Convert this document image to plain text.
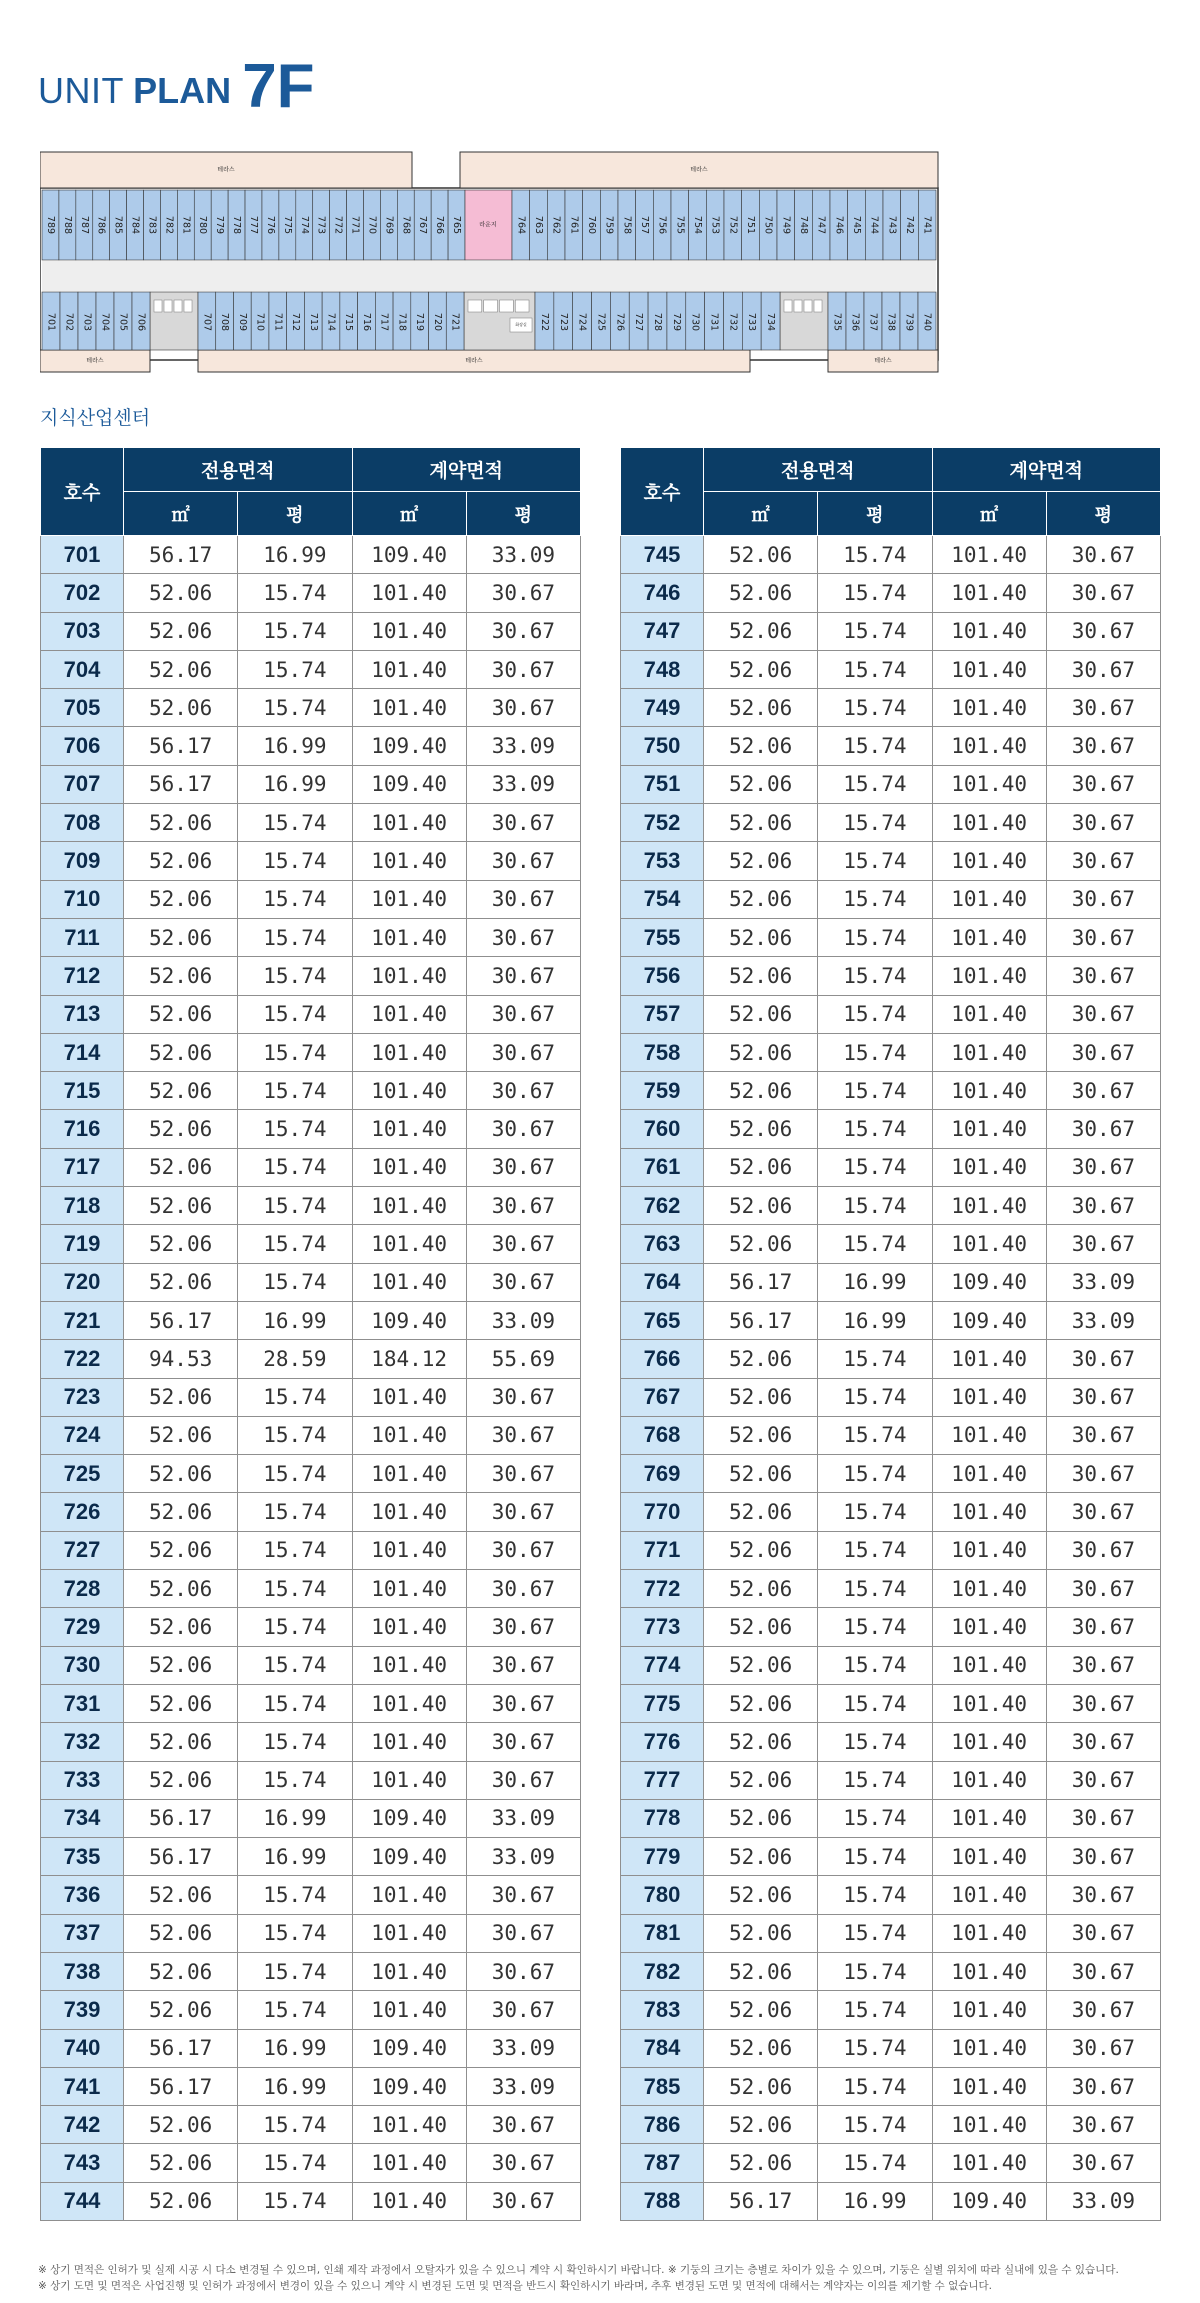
UNIT PLAN 7F
테라스	테라스
테라스	테라스	테라스
789 788 787 786 785 784 783 782 781 780 779 778 777 776 775 774 773 772 771 770 769 768 767 766 765	라운지 764 763 762 761 760 759 758 757 756 755 754 753 752 751 750 749 748 747 746 745 744 743 742 741
화장실
701 702 703 704 705 706	707 708 709 710 711 712 713 714 715 716 717 718 719 720 721	722 723 724 725 726 727 728 729 730 731 732 733 734	735 736 737 738 739 740
지식산업센터
호수	전용면적		계약면적	
	㎡	평	㎡	평
701	56.17	16.99	109.40	33.09
702	52.06	15.74	101.40	30.67
703	52.06	15.74	101.40	30.67
704	52.06	15.74	101.40	30.67
705	52.06	15.74	101.40	30.67
706	56.17	16.99	109.40	33.09
707	56.17	16.99	109.40	33.09
708	52.06	15.74	101.40	30.67
709	52.06	15.74	101.40	30.67
710	52.06	15.74	101.40	30.67
711	52.06	15.74	101.40	30.67
712	52.06	15.74	101.40	30.67
713	52.06	15.74	101.40	30.67
714	52.06	15.74	101.40	30.67
715	52.06	15.74	101.40	30.67
716	52.06	15.74	101.40	30.67
717	52.06	15.74	101.40	30.67
718	52.06	15.74	101.40	30.67
719	52.06	15.74	101.40	30.67
720	52.06	15.74	101.40	30.67
721	56.17	16.99	109.40	33.09
722	94.53	28.59	184.12	55.69
723	52.06	15.74	101.40	30.67
724	52.06	15.74	101.40	30.67
725	52.06	15.74	101.40	30.67
726	52.06	15.74	101.40	30.67
727	52.06	15.74	101.40	30.67
728	52.06	15.74	101.40	30.67
729	52.06	15.74	101.40	30.67
730	52.06	15.74	101.40	30.67
731	52.06	15.74	101.40	30.67
732	52.06	15.74	101.40	30.67
733	52.06	15.74	101.40	30.67
734	56.17	16.99	109.40	33.09
735	56.17	16.99	109.40	33.09
736	52.06	15.74	101.40	30.67
737	52.06	15.74	101.40	30.67
738	52.06	15.74	101.40	30.67
739	52.06	15.74	101.40	30.67
740	56.17	16.99	109.40	33.09
741	56.17	16.99	109.40	33.09
742	52.06	15.74	101.40	30.67
743	52.06	15.74	101.40	30.67
744	52.06	15.74	101.40	30.67
호수	전용면적		계약면적	
	㎡	평	㎡	평
745	52.06	15.74	101.40	30.67
746	52.06	15.74	101.40	30.67
747	52.06	15.74	101.40	30.67
748	52.06	15.74	101.40	30.67
749	52.06	15.74	101.40	30.67
750	52.06	15.74	101.40	30.67
751	52.06	15.74	101.40	30.67
752	52.06	15.74	101.40	30.67
753	52.06	15.74	101.40	30.67
754	52.06	15.74	101.40	30.67
755	52.06	15.74	101.40	30.67
756	52.06	15.74	101.40	30.67
757	52.06	15.74	101.40	30.67
758	52.06	15.74	101.40	30.67
759	52.06	15.74	101.40	30.67
760	52.06	15.74	101.40	30.67
761	52.06	15.74	101.40	30.67
762	52.06	15.74	101.40	30.67
763	52.06	15.74	101.40	30.67
764	56.17	16.99	109.40	33.09
765	56.17	16.99	109.40	33.09
766	52.06	15.74	101.40	30.67
767	52.06	15.74	101.40	30.67
768	52.06	15.74	101.40	30.67
769	52.06	15.74	101.40	30.67
770	52.06	15.74	101.40	30.67
771	52.06	15.74	101.40	30.67
772	52.06	15.74	101.40	30.67
773	52.06	15.74	101.40	30.67
774	52.06	15.74	101.40	30.67
775	52.06	15.74	101.40	30.67
776	52.06	15.74	101.40	30.67
777	52.06	15.74	101.40	30.67
778	52.06	15.74	101.40	30.67
779	52.06	15.74	101.40	30.67
780	52.06	15.74	101.40	30.67
781	52.06	15.74	101.40	30.67
782	52.06	15.74	101.40	30.67
783	52.06	15.74	101.40	30.67
784	52.06	15.74	101.40	30.67
785	52.06	15.74	101.40	30.67
786	52.06	15.74	101.40	30.67
787	52.06	15.74	101.40	30.67
788	56.17	16.99	109.40	33.09
※ 상기 면적은 인허가 및 실제 시공 시 다소 변경될 수 있으며, 인쇄 제작 과정에서 오탈자가 있을 수 있으니 계약 시 확인하시기 바랍니다. ※ 기둥의 크기는 층별로 차이가 있을 수 있으며, 기둥은 실별 위치에 따라 실내에 있을 수 있습니다.
※ 상기 도면 및 면적은 사업진행 및 인허가 과정에서 변경이 있을 수 있으니 계약 시 변경된 도면 및 면적을 반드시 확인하시기 바라며, 추후 변경된 도면 및 면적에 대해서는 계약자는 이의를 제기할 수 없습니다.
